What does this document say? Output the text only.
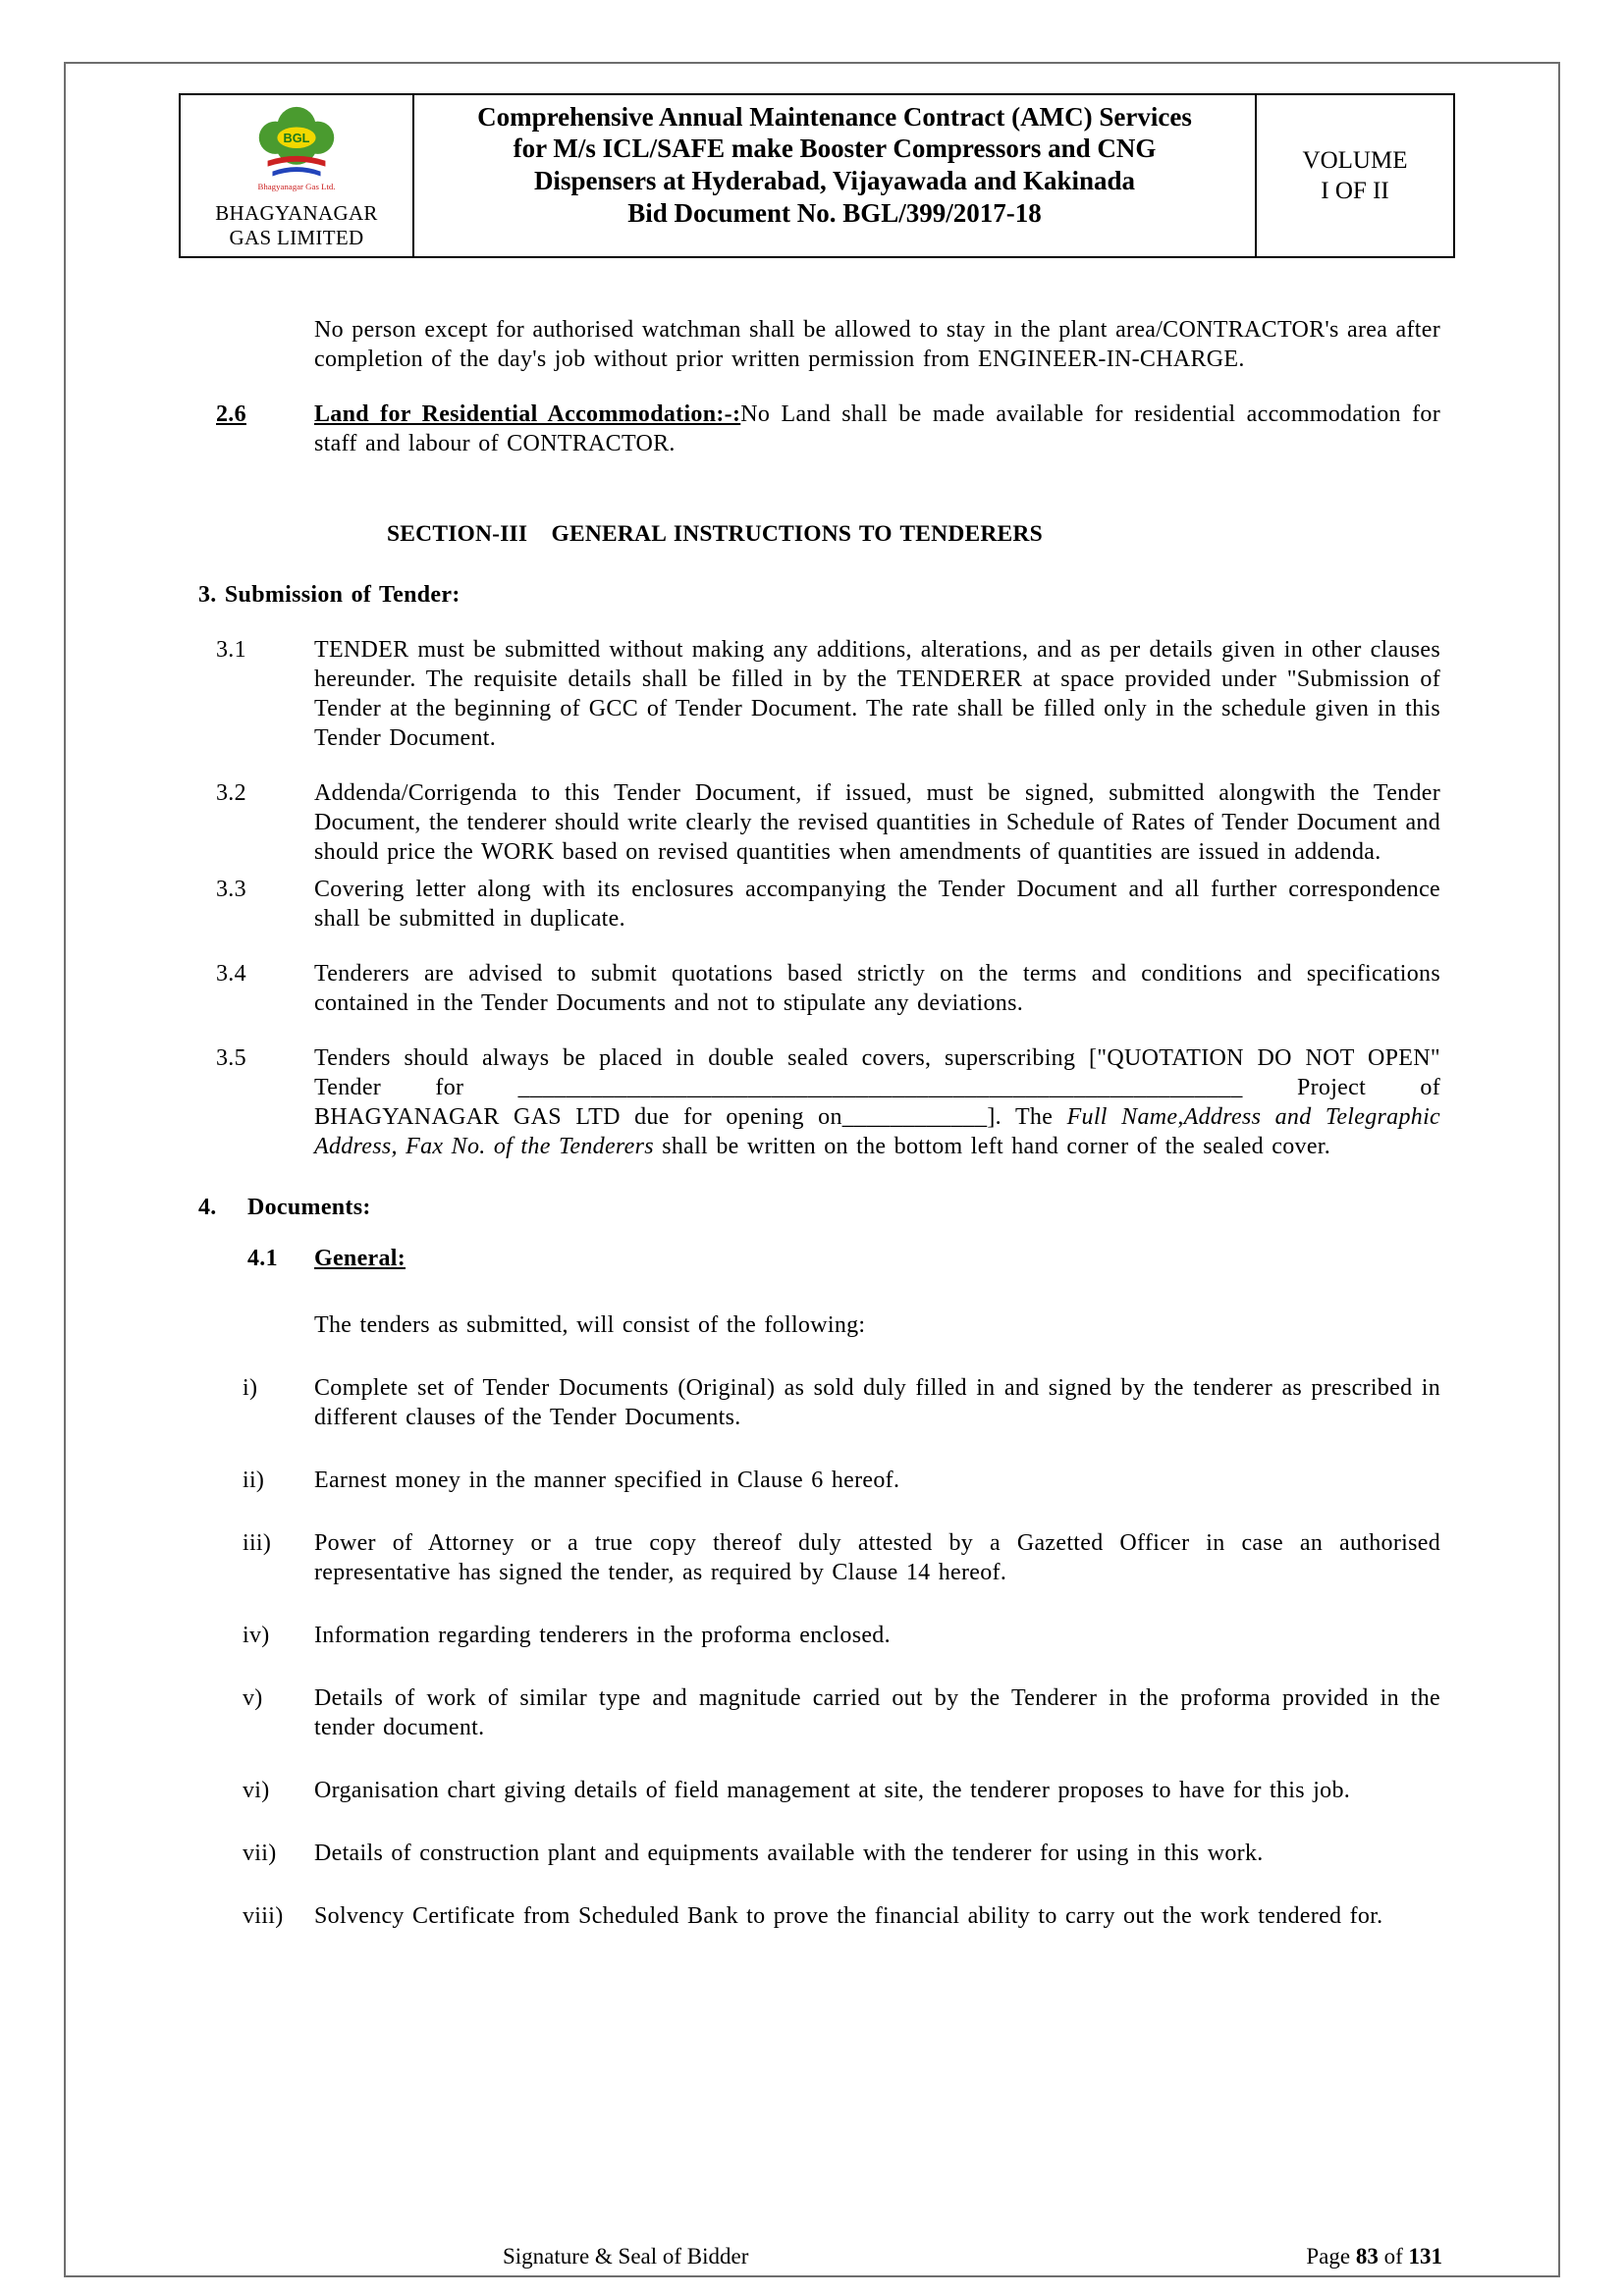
BGL
Bhagyanagar Gas Ltd.
BHAGYANAGAR
GAS LIMITED
Comprehensive Annual Maintenance Contract (AMC) Services for M/s ICL/SAFE make Booster Compressors and CNG Dispensers at Hyderabad, Vijayawada and Kakinada
Bid Document No. BGL/399/2017-18
VOLUME
I OF II

No person except for authorised watchman shall be allowed to stay in the plant area/CONTRACTOR's area after completion of the day's job without prior written permission from ENGINEER-IN-CHARGE.

2.6	Land for Residential Accommodation:-:No Land shall be made available for residential accommodation for staff and labour of CONTRACTOR.
SECTION-III   GENERAL INSTRUCTIONS TO TENDERERS
3. Submission of Tender:
3.1	TENDER must be submitted without making any additions, alterations, and as per details given in other clauses hereunder. The requisite details shall be filled in by the TENDERER at space provided under "Submission of Tender at the beginning of GCC of Tender Document. The rate shall be filled only in the schedule given in this Tender Document.
3.2	Addenda/Corrigenda to this Tender Document, if issued, must be signed, submitted alongwith the Tender Document, the tenderer should write clearly the revised quantities in Schedule of Rates of Tender Document and should price the WORK based on revised quantities when amendments of quantities are issued in addenda.
3.3	Covering letter along with its enclosures accompanying the Tender Document and all further correspondence shall be submitted in duplicate.
3.4	Tenderers are advised to submit quotations based strictly on the terms and conditions and specifications contained in the Tender Documents and not to stipulate any deviations.
3.5	Tenders should always be placed in double sealed covers, superscribing ["QUOTATION DO NOT OPEN" Tender for ____________________________________________________________ Project of BHAGYANAGAR GAS LTD due for opening on____________]. The Full Name,Address and Telegraphic Address, Fax No. of the Tenderers shall be written on the bottom left hand corner of the sealed cover.
4.	Documents:
4.1	General:

The tenders as submitted, will consist of the following:

i)	Complete set of Tender Documents (Original) as sold duly filled in and signed by the tenderer as prescribed in different clauses of the Tender Documents.
ii)	Earnest money in the manner specified in Clause 6 hereof.
iii)	Power of Attorney or a true copy thereof duly attested by a Gazetted Officer in case an authorised representative has signed the tender, as required by Clause 14 hereof.
iv)	Information regarding tenderers in the proforma enclosed.
v)	Details of work of similar type and magnitude carried out by the Tenderer in the proforma provided in the tender document.
vi)	Organisation chart giving details of field management at site, the tenderer proposes to have for this job.
vii)	Details of construction plant and equipments available with the tenderer for using in this work.
viii)	Solvency Certificate from Scheduled Bank to prove the financial ability to carry out the work tendered for.
Signature & Seal of Bidder	Page 83 of 131
